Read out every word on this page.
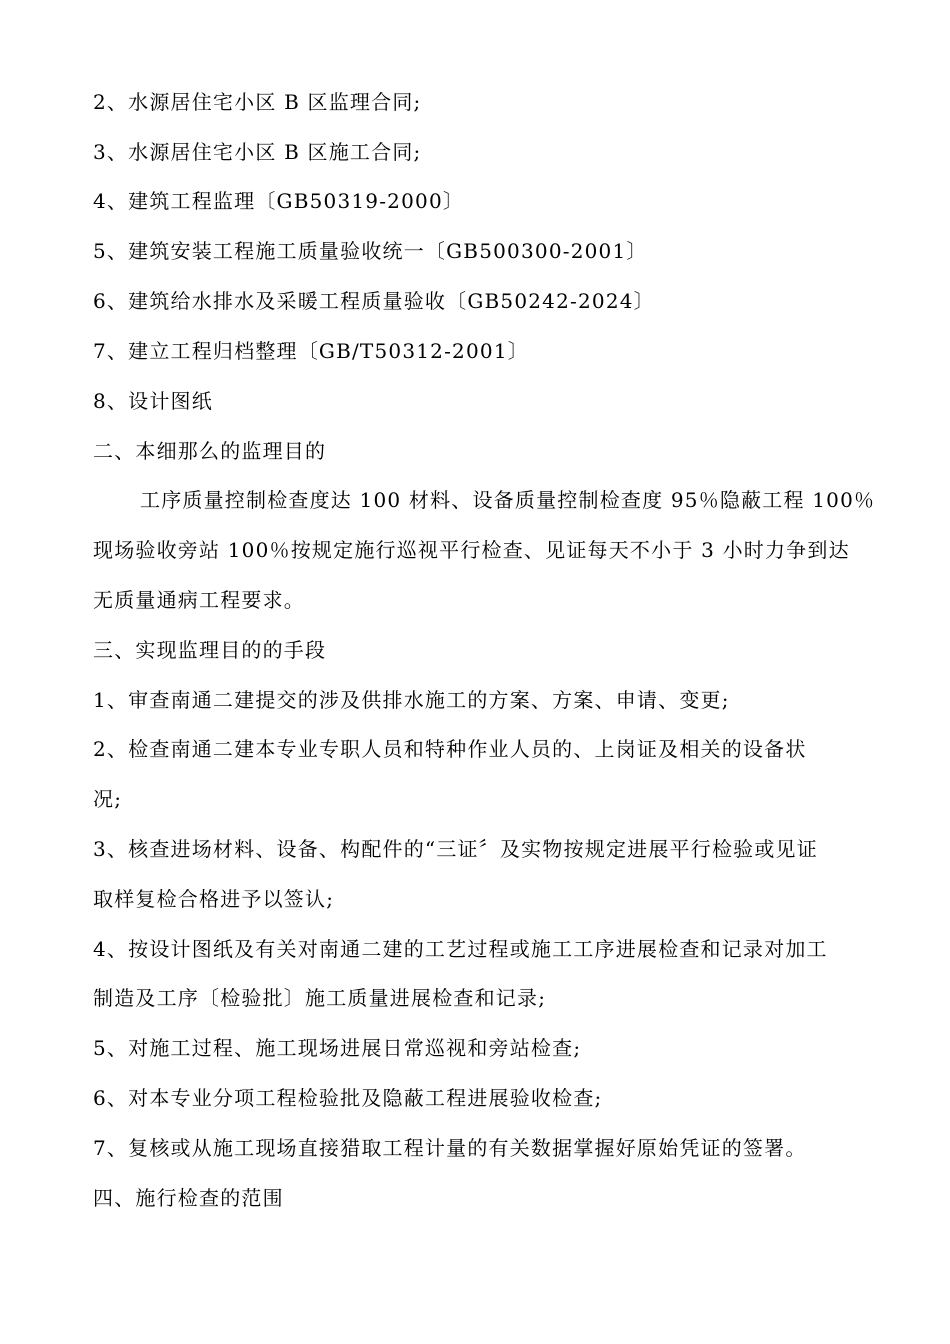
2、水源居住宅小区 B 区监理合同;
3、水源居住宅小区 B 区施工合同;
4、建筑工程监理〔GB50319-2000〕
5、建筑安装工程施工质量验收统一〔GB500300-2001〕
6、建筑给水排水及采暖工程质量验收〔GB50242-2024〕
7、建立工程归档整理〔GB/T50312-2001〕
8、设计图纸
二、本细那么的监理目的
工序质量控制检查度达 100 材料、设备质量控制检查度 95％隐蔽工程 100％
现场验收旁站 100％按规定施行巡视平行检查、见证每天不小于 3 小时力争到达
无质量通病工程要求。
三、实现监理目的的手段
1、审查南通二建提交的涉及供排水施工的方案、方案、申请、变更;
2、检查南通二建本专业专职人员和特种作业人员的、上岗证及相关的设备状
况;
3、核查进场材料、设备、构配件的“三证〞及实物按规定进展平行检验或见证
取样复检合格进予以签认;
4、按设计图纸及有关对南通二建的工艺过程或施工工序进展检查和记录对加工
制造及工序〔检验批〕施工质量进展检查和记录;
5、对施工过程、施工现场进展日常巡视和旁站检查;
6、对本专业分项工程检验批及隐蔽工程进展验收检查;
7、复核或从施工现场直接猎取工程计量的有关数据掌握好原始凭证的签署。
四、施行检查的范围
